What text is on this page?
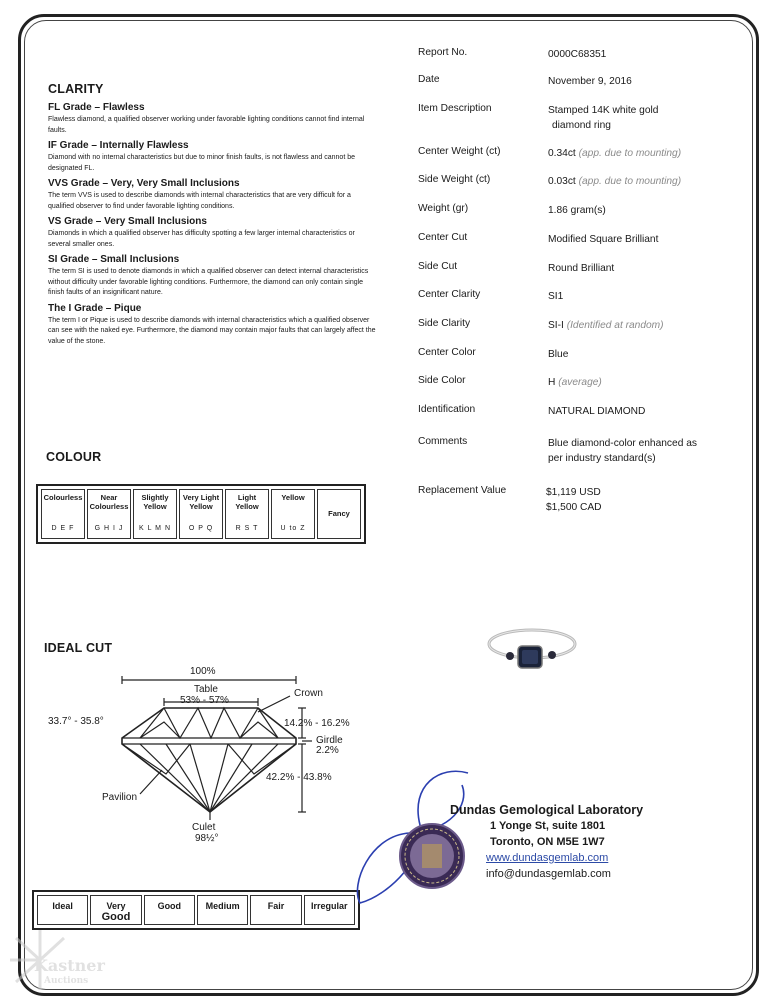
CLARITY
FL Grade – Flawless
Flawless diamond, a qualified observer working under favorable lighting conditions cannot find internal faults.
IF Grade – Internally Flawless
Diamond with no internal characteristics but due to minor finish faults, is not flawless and cannot be designated FL.
VVS Grade – Very, Very Small Inclusions
The term VVS is used to describe diamonds with internal characteristics that are very difficult for a qualified observer to find under favorable lighting conditions.
VS Grade – Very Small Inclusions
Diamonds in which a qualified observer has difficulty spotting a few larger internal characteristics or several smaller ones.
SI Grade – Small Inclusions
The term SI is used to denote diamonds in which a qualified observer can detect internal characteristics without difficulty under favorable lighting conditions. Furthermore, the diamond can only contain single finish faults of an insignificant nature.
The I Grade – Pique
The term I or Pique is used to describe diamonds with internal characteristics which a qualified observer can see with the naked eye. Furthermore, the diamond may contain major faults that can largely affect the value of the stone.
COLOUR
Colourless
D E F
Near Colourless
G H I J
Slightly Yellow
K L M N
Very Light Yellow
O P Q
Light Yellow
R S T
Yellow
U to Z
Fancy
IDEAL CUT
100%
Table
53% - 57%
Crown
33.7° - 35.8°	14.2% - 16.2%
Girdle
2.2%
42.2% - 43.8%
Pavilion
Culet
98½°
Ideal	Very
Good
Good	Medium	Fair	Irregular
Report No.	0000C68351
Date	November 9, 2016
Item Description	Stamped 14K white gold
diamond ring
Center Weight (ct)	0.34ct (app. due to mounting)
Side Weight (ct)	0.03ct (app. due to mounting)
Weight (gr)	1.86 gram(s)
Center Cut	Modified Square Brilliant
Side Cut	Round Brilliant
Center Clarity	SI1
Side Clarity	SI-I (Identified at random)
Center Color	Blue
Side Color	H (average)
Identification	NATURAL DIAMOND
Comments	Blue diamond-color enhanced as
per industry standard(s)
Replacement Value	$1,119 USD
$1,500 CAD
Dundas Gemological Laboratory
1 Yonge St, suite 1801
Toronto, ON M5E 1W7
www.dundasgemlab.com
info@dundasgemlab.com
Kastner
Auctions
